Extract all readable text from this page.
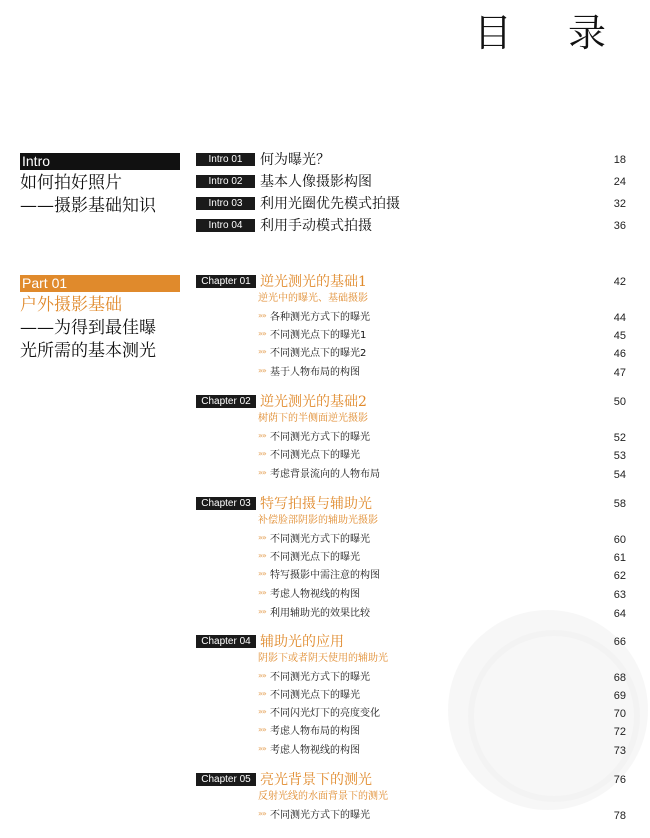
目 录
Intro
如何拍好照片
——摄影基础知识
Part 01
户外摄影基础
——为得到最佳曝
光所需的基本测光
Intro 01	何为曝光？	18
Intro 02	基本人像摄影构图	24
Intro 03	利用光圈优先模式拍摄	32
Intro 04	利用手动模式拍摄	36
Chapter 01 逆光测光的基础1	42
逆光中的曝光、基础摄影
»» 各种测光方式下的曝光	44
»» 不同测光点下的曝光1	45
»» 不同测光点下的曝光2	46
»» 基于人物布局的构图	47
Chapter 02 逆光测光的基础2	50
树荫下的半侧面逆光摄影
»» 不同测光方式下的曝光	52
»» 不同测光点下的曝光	53
»» 考虑背景流向的人物布局	54
Chapter 03 特写拍摄与辅助光	58
补偿脸部阴影的辅助光摄影
»» 不同测光方式下的曝光	60
»» 不同测光点下的曝光	61
»» 特写摄影中需注意的构图	62
»» 考虑人物视线的构图	63
»» 利用辅助光的效果比较	64
Chapter 04 辅助光的应用	66
阴影下或者阴天使用的辅助光
»» 不同测光方式下的曝光	68
»» 不同测光点下的曝光	69
»» 不同闪光灯下的亮度变化	70
»» 考虑人物布局的构图	72
»» 考虑人物视线的构图	73
Chapter 05 亮光背景下的测光	76
反射光线的水面背景下的测光
»» 不同测光方式下的曝光	78
